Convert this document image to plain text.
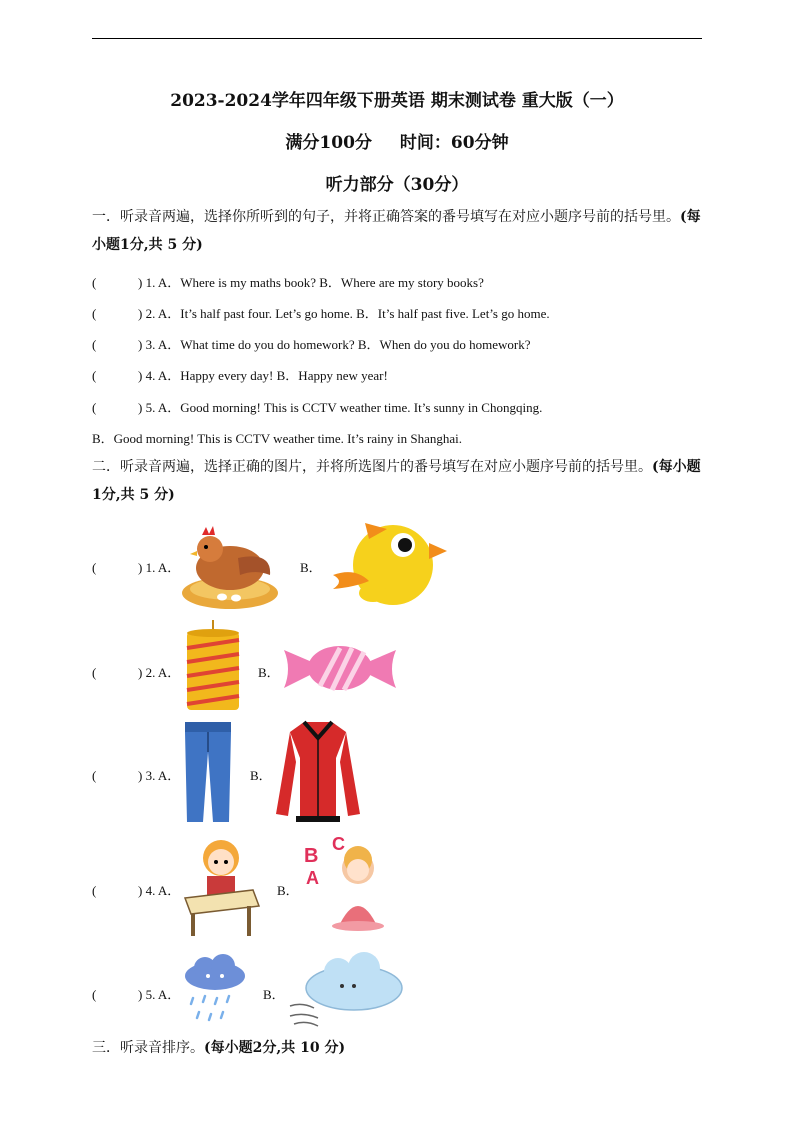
2023-2024学年四年级下册英语 期末测试卷 重大版（一）
满分100分 时间：60分钟
听力部分（30分）
一．听录音两遍，选择你所听到的句子，并将正确答案的番号填写在对应小题序号前的括号里。(每小题1分,共 5 分)
(	) 1. A．Where is my maths book? B．Where are my story books?
(	) 2. A．It’s half past four. Let’s go home. B．It’s half past five. Let’s go home.
(	) 3. A．What time do you do homework? B．When do you do homework?
(	) 4. A．Happy every day! B．Happy new year!
(	) 5. A．Good morning! This is CCTV weather time. It’s sunny in Chongqing.
B．Good morning! This is CCTV weather time. It’s rainy in Shanghai.
二．听录音两遍，选择正确的图片，并将所选图片的番号填写在对应小题序号前的括号里。(每小题1分,共 5 分)
(	) 1. A．	B．
(	) 2. A．	B．
(	) 3. A．	B．
(	) 4. A．	B．
B
C
A
(	) 5. A．	B．
三．听录音排序。(每小题2分,共 10 分)
